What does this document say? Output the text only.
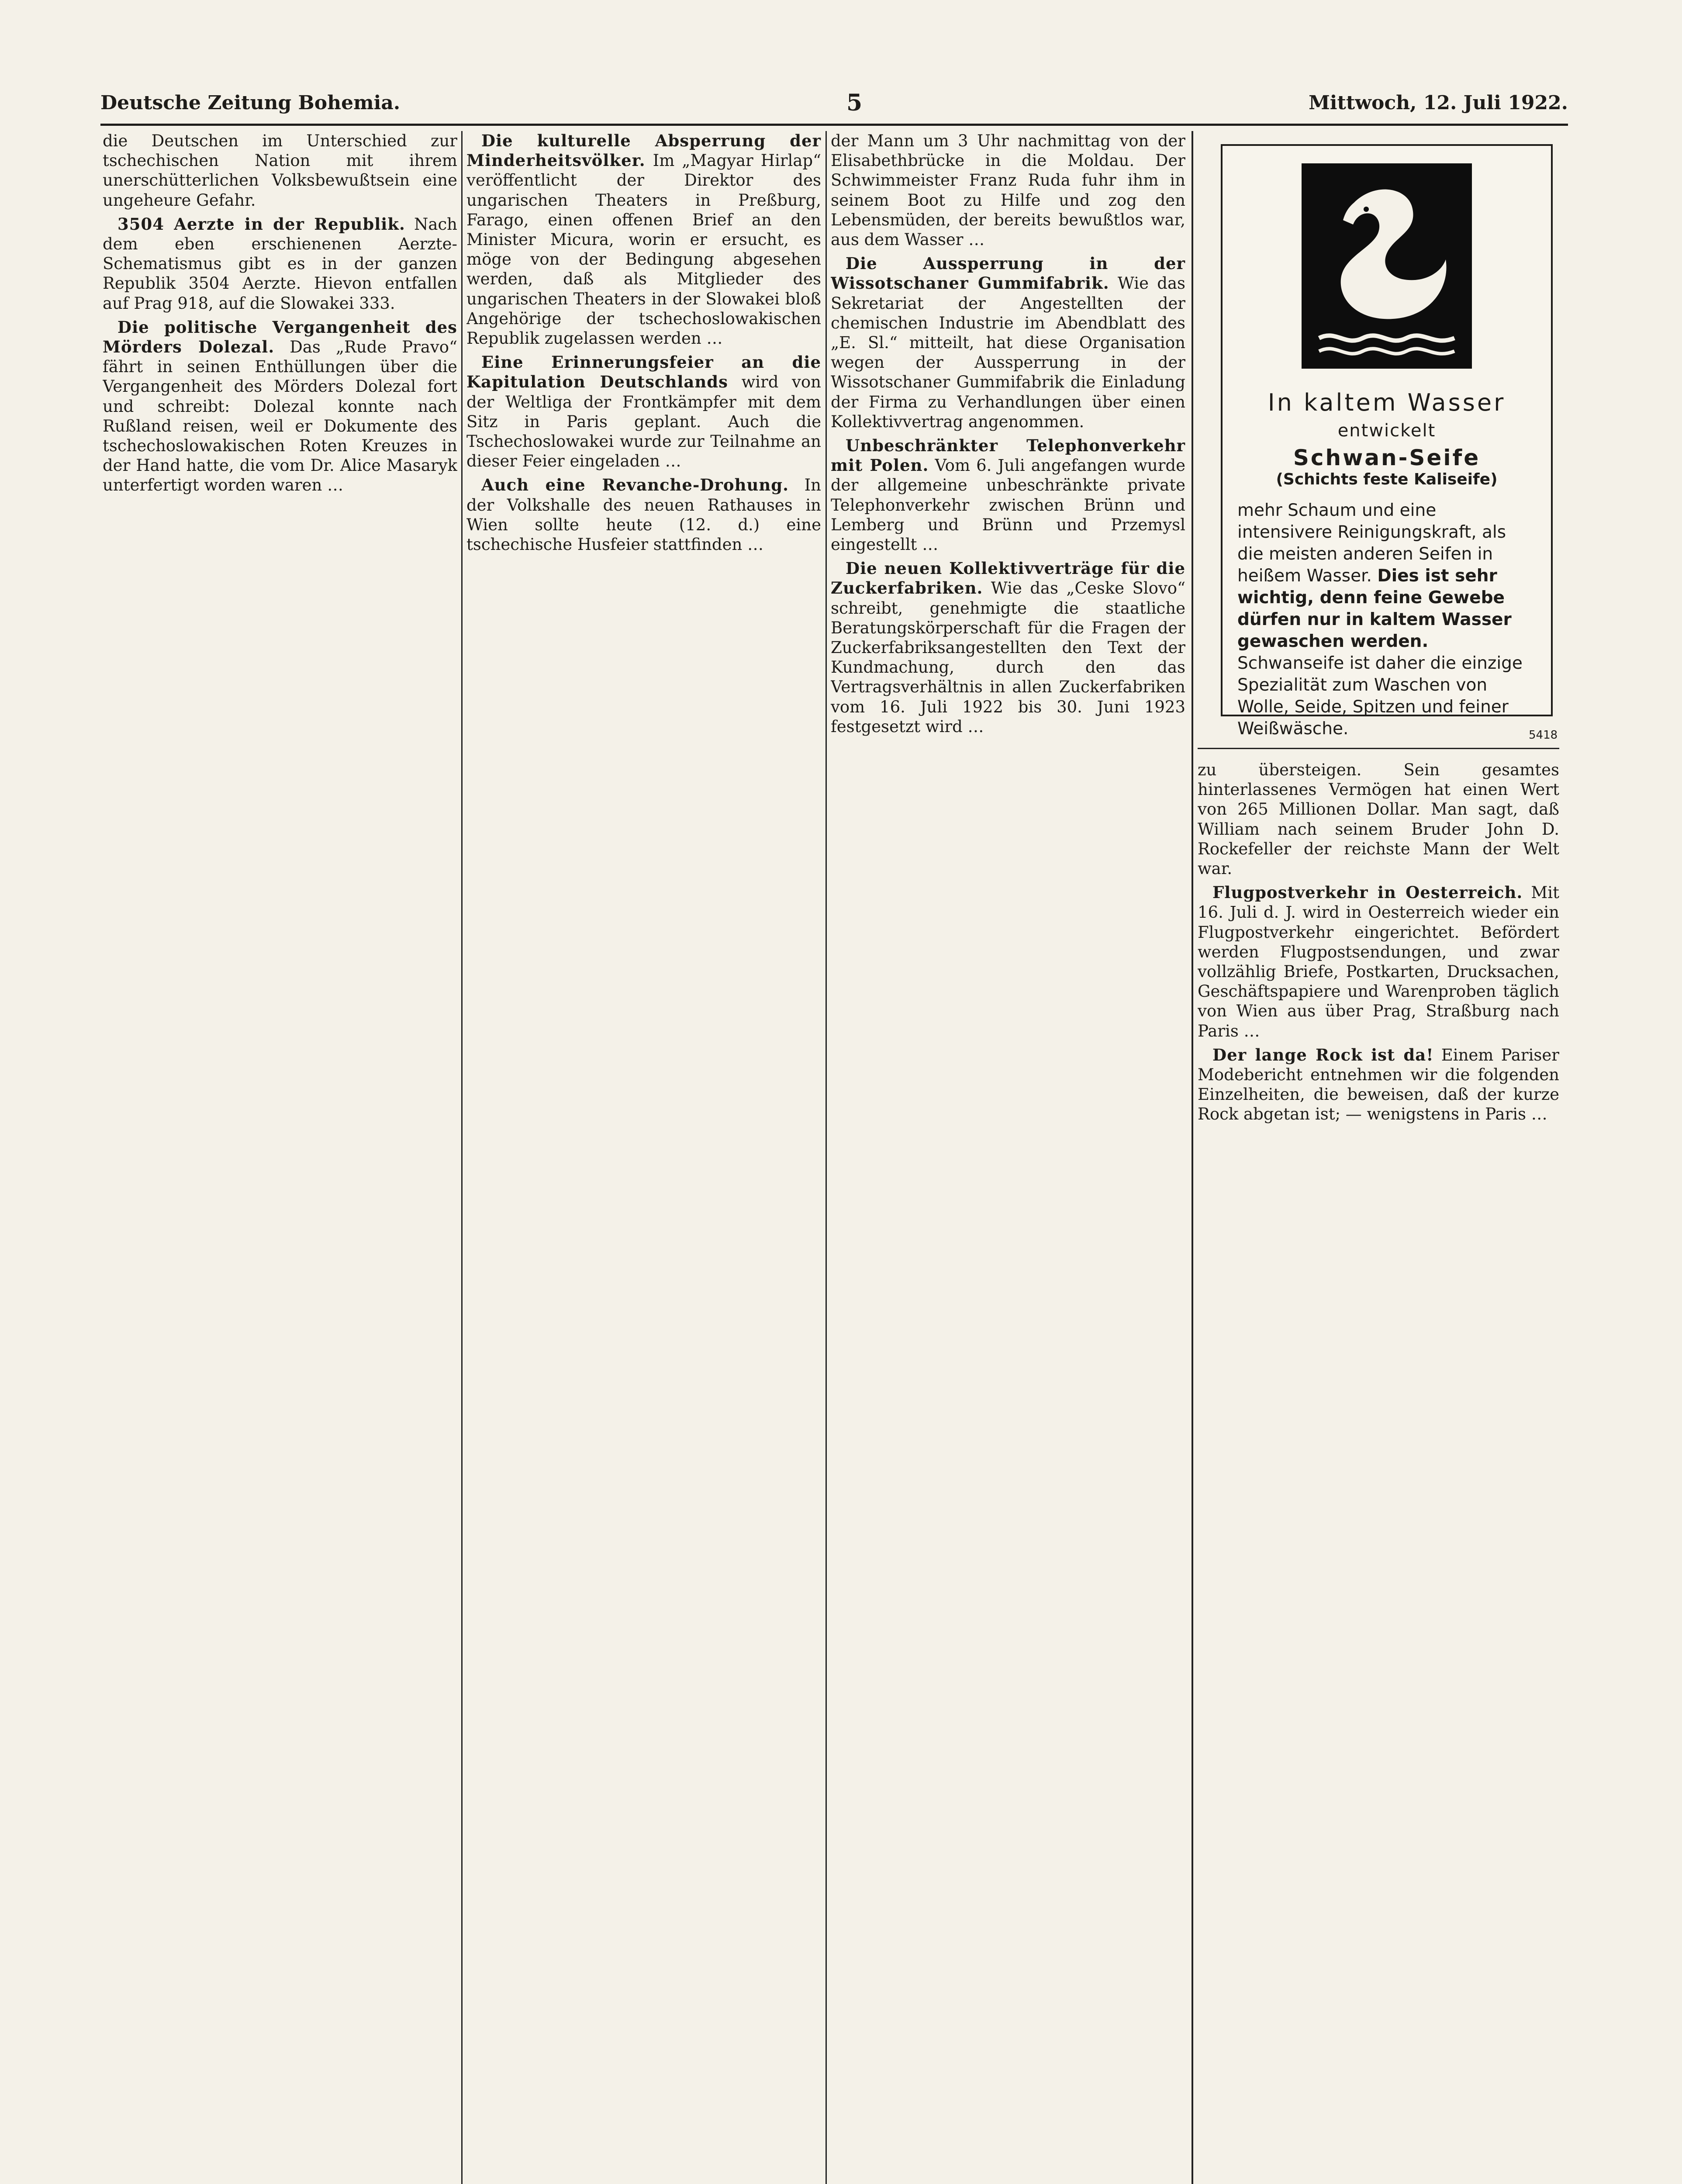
Deutsche Zeitung Bohemia.	5	Mittwoch, 12. Juli 1922.

die Deutschen im Unterschied zur tschechischen Nation mit ihrem unerschütterlichen Volksbewußtsein eine ungeheure Gefahr.

3504 Aerzte in der Republik. Nach dem eben erschienenen Aerzte-Schematismus gibt es in der ganzen Republik 3504 Aerzte. Hievon entfallen auf Prag 918, auf die Slowakei 333.

Die politische Vergangenheit des Mörders Dolezal. Das „Rude Pravo“ fährt in seinen Enthüllungen über die Vergangenheit des Mörders Dolezal fort und schreibt: Dolezal konnte nach Rußland reisen, weil er Dokumente des tschechoslowakischen Roten Kreuzes in der Hand hatte, die vom Dr. Alice Masaryk unterfertigt worden waren …

Die kulturelle Absperrung der Minderheitsvölker. Im „Magyar Hirlap“ veröffentlicht der Direktor des ungarischen Theaters in Preßburg, Farago, einen offenen Brief an den Minister Micura, worin er ersucht, es möge von der Bedingung abgesehen werden, daß als Mitglieder des ungarischen Theaters in der Slowakei bloß Angehörige der tschechoslowakischen Republik zugelassen werden …

Eine Erinnerungsfeier an die Kapitulation Deutschlands wird von der Weltliga der Frontkämpfer mit dem Sitz in Paris geplant. Auch die Tschechoslowakei wurde zur Teilnahme an dieser Feier eingeladen …

Auch eine Revanche-Drohung. In der Volkshalle des neuen Rathauses in Wien sollte heute (12. d.) eine tschechische Husfeier stattfinden …

der Mann um 3 Uhr nachmittag von der Elisabethbrücke in die Moldau. Der Schwimmeister Franz Ruda fuhr ihm in seinem Boot zu Hilfe und zog den Lebensmüden, der bereits bewußtlos war, aus dem Wasser …

Die Aussperrung in der Wissotschaner Gummifabrik. Wie das Sekretariat der Angestellten der chemischen Industrie im Abendblatt des „E. Sl.“ mitteilt, hat diese Organisation wegen der Aussperrung in der Wissotschaner Gummifabrik die Einladung der Firma zu Verhandlungen über einen Kollektivvertrag angenommen.

Unbeschränkter Telephonverkehr mit Polen. Vom 6. Juli angefangen wurde der allgemeine unbeschränkte private Telephonverkehr zwischen Brünn und Lemberg und Brünn und Przemysl eingestellt …

Die neuen Kollektivverträge für die Zuckerfabriken. Wie das „Ceske Slovo“ schreibt, genehmigte die staatliche Beratungskörperschaft für die Fragen der Zuckerfabriksangestellten den Text der Kundmachung, durch den das Vertragsverhältnis in allen Zuckerfabriken vom 16. Juli 1922 bis 30. Juni 1923 festgesetzt wird …

In kaltem Wasser

entwickelt

Schwan-Seife

(Schichts feste Kaliseife)

mehr Schaum und eine intensivere Reinigungskraft, als die meisten anderen Seifen in heißem Wasser. Dies ist sehr wichtig, denn feine Gewebe dürfen nur in kaltem Wasser gewaschen werden. Schwanseife ist daher die einzige Spezialität zum Waschen von Wolle, Seide, Spitzen und feiner Weißwäsche.	5418

zu übersteigen. Sein gesamtes hinterlassenes Vermögen hat einen Wert von 265 Millionen Dollar. Man sagt, daß William nach seinem Bruder John D. Rockefeller der reichste Mann der Welt war.

Flugpostverkehr in Oesterreich. Mit 16. Juli d. J. wird in Oesterreich wieder ein Flugpostverkehr eingerichtet. Befördert werden Flugpostsendungen, und zwar vollzählig Briefe, Postkarten, Drucksachen, Geschäftspapiere und Warenproben täglich von Wien aus über Prag, Straßburg nach Paris …

Der lange Rock ist da! Einem Pariser Modebericht entnehmen wir die folgenden Einzelheiten, die beweisen, daß der kurze Rock abgetan ist; — wenigstens in Paris …
